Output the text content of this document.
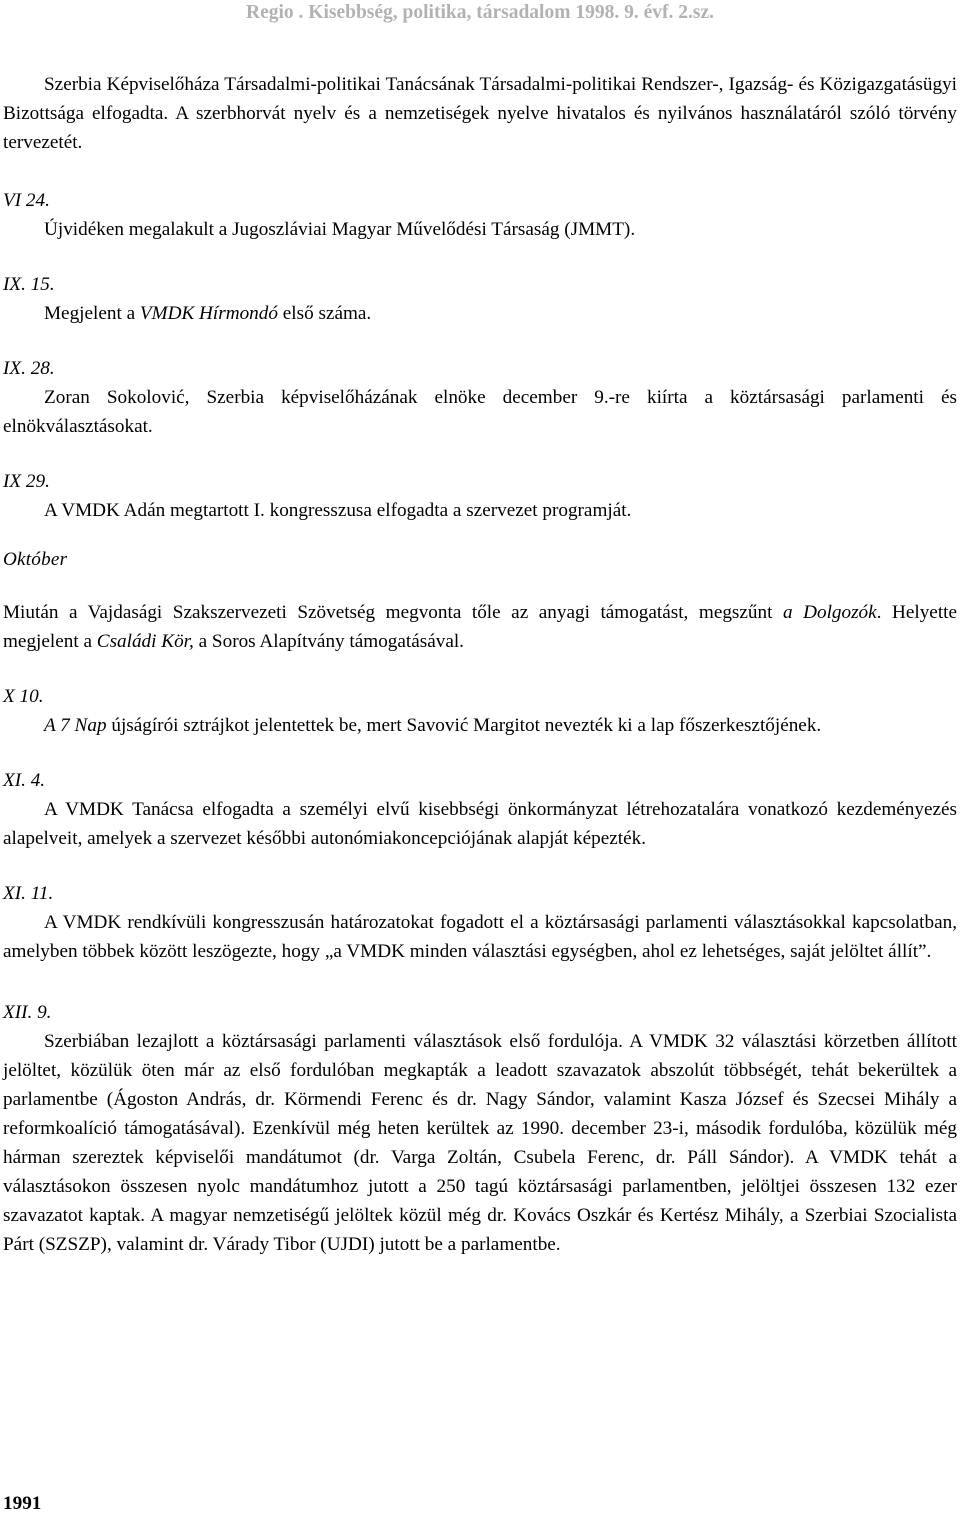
Regio . Kisebbség, politika, társadalom 1998. 9. évf. 2.sz.

Szerbia Képviselőháza Társadalmi-politikai Tanácsának Társadalmi-politikai Rendszer-, Igazság- és Közigazgatásügyi Bizottsága elfogadta. A szerbhorvát nyelv és a nemzetiségek nyelve hivatalos és nyilvános használatáról szóló törvény tervezetét.

VI 24.

Újvidéken megalakult a Jugoszláviai Magyar Művelődési Társaság (JMMT).

IX. 15.

Megjelent a VMDK Hírmondó első száma.

IX. 28.

Zoran Sokolović, Szerbia képviselőházának elnöke december 9.-re kiírta a köztársasági parlamenti és elnökválasztásokat.

IX 29.

A VMDK Adán megtartott I. kongresszusa elfogadta a szervezet programját.

Október

Miután a Vajdasági Szakszervezeti Szövetség megvonta tőle az anyagi támogatást, megszűnt a Dolgozók. Helyette megjelent a Családi Kör, a Soros Alapítvány támogatásával.

X 10.

A 7 Nap újságírói sztrájkot jelentettek be, mert Savović Margitot nevezték ki a lap főszerkesztőjének.

XI. 4.

A VMDK Tanácsa elfogadta a személyi elvű kisebbségi önkormányzat létrehozatalára vonatkozó kezdeményezés alapelveit, amelyek a szervezet későbbi autonómiakoncepciójának alapját képezték.

XI. 11.

A VMDK rendkívüli kongresszusán határozatokat fogadott el a köztársasági parlamenti választásokkal kapcsolatban, amelyben többek között leszögezte, hogy „a VMDK minden választási egységben, ahol ez lehetséges, saját jelöltet állít”.

XII. 9.

Szerbiában lezajlott a köztársasági parlamenti választások első fordulója. A VMDK 32 választási körzetben állított jelöltet, közülük öten már az első fordulóban megkapták a leadott szavazatok abszolút többségét, tehát bekerültek a parlamentbe (Ágoston András, dr. Körmendi Ferenc és dr. Nagy Sándor, valamint Kasza József és Szecsei Mihály a reformkoalíció támogatásával). Ezenkívül még heten kerültek az 1990. december 23-i, második fordulóba, közülük még hárman szereztek képviselői mandátumot (dr. Varga Zoltán, Csubela Ferenc, dr. Páll Sándor). A VMDK tehát a választásokon összesen nyolc mandátumhoz jutott a 250 tagú köztársasági parlamentben, jelöltjei összesen 132 ezer szavazatot kaptak. A magyar nemzetiségű jelöltek közül még dr. Kovács Oszkár és Kertész Mihály, a Szerbiai Szocialista Párt (SZSZP), valamint dr. Várady Tibor (UJDI) jutott be a parlamentbe.

1991
